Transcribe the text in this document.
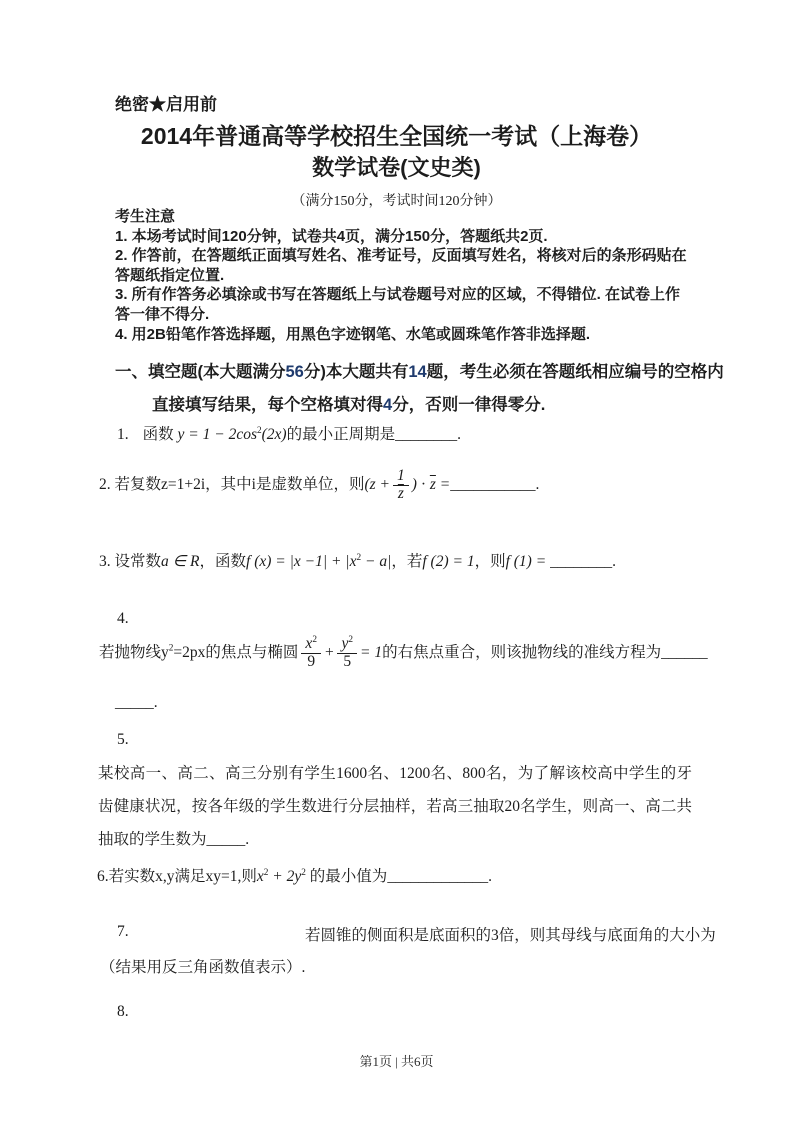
绝密★启用前
2014年普通高等学校招生全国统一考试（上海卷）
数学试卷(文史类)
（满分150分，考试时间120分钟）

考生注意

1. 本场考试时间120分钟，试卷共4页，满分150分，答题纸共2页.

2. 作答前，在答题纸正面填写姓名、准考证号，反面填写姓名，将核对后的条形码贴在答题纸指定位置.

3. 所有作答务必填涂或书写在答题纸上与试卷题号对应的区域，不得错位. 在试卷上作答一律不得分.

4. 用2B铅笔作答选择题，用黑色字迹钢笔、水笔或圆珠笔作答非选择题.

一、填空题(本大题满分56分)本大题共有14题，考生必须在答题纸相应编号的空格内直接填写结果，每个空格填对得4分，否则一律得零分.
1. 函数 $y = 1 - 2\cos^2(2x)$的最小正周期是________.
2. 若复数z=1+2i，其中i是虚数单位，则($z + \frac{1}{z}$ ) · $\overline{z}$ =___________.
3. 设常数a ∈ R，函数f $(x) = |x -1| + |x^2 - a|$，若f (2) = 1，则f (1) = ________.
4.
若抛物线$y^2=2px$的焦点与椭圆 $\frac{x^2}{9} + \frac{y^2}{5} = 1$的右焦点重合，则该抛物线的准线方程为______
_____.
5.
某校高一、高二、高三分别有学生1600名、1200名、800名，为了解该校高中学生的牙齿健康状况，按各年级的学生数进行分层抽样，若高三抽取20名学生，则高一、高二共抽取的学生数为_____.
6.若实数x,y满足xy=1,则$x^2 + 2y^2$ 的最小值为_____________.
7.	若圆锥的侧面积是底面积的3倍，则其母线与底面角的大小为
（结果用反三角函数值表示）.
8.
第1页 | 共6页
